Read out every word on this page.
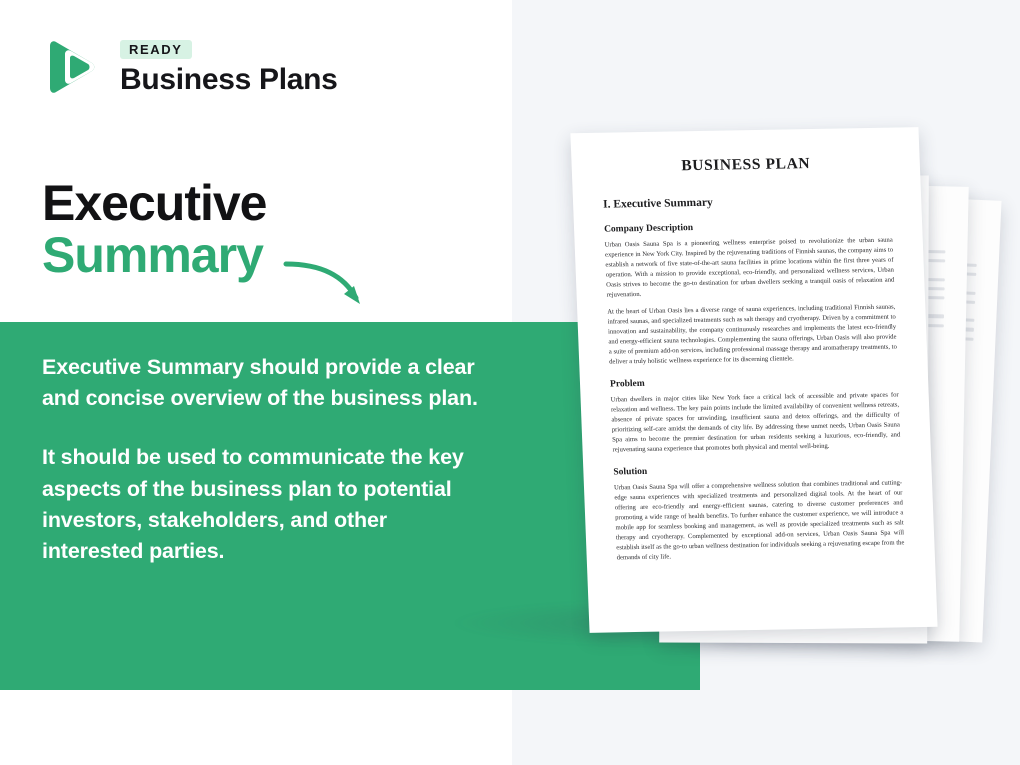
READY
Business Plans
Executive
Summary

Executive Summary should provide a clear and concise overview of the business plan.

It should be used to communicate the key aspects of the business plan to potential investors, stakeholders, and other interested parties.

BUSINESS PLAN
I. Executive Summary
Company Description
Urban Oasis Sauna Spa is a pioneering wellness enterprise poised to revolutionize the urban sauna experience in New York City. Inspired by the rejuvenating traditions of Finnish saunas, the company aims to establish a network of five state-of-the-art sauna facilities in prime locations within the first three years of operation. With a mission to provide exceptional, eco-friendly, and personalized wellness services, Urban Oasis strives to become the go-to destination for urban dwellers seeking a tranquil oasis of relaxation and rejuvenation.
At the heart of Urban Oasis lies a diverse range of sauna experiences, including traditional Finnish saunas, infrared saunas, and specialized treatments such as salt therapy and cryotherapy. Driven by a commitment to innovation and sustainability, the company continuously researches and implements the latest eco-friendly and energy-efficient sauna technologies. Complementing the sauna offerings, Urban Oasis will also provide a suite of premium add-on services, including professional massage therapy and aromatherapy treatments, to deliver a truly holistic wellness experience for its discerning clientele.
Problem
Urban dwellers in major cities like New York face a critical lack of accessible and private spaces for relaxation and wellness. The key pain points include the limited availability of convenient wellness retreats, absence of private spaces for unwinding, insufficient sauna and detox offerings, and the difficulty of prioritizing self-care amidst the demands of city life. By addressing these unmet needs, Urban Oasis Sauna Spa aims to become the premier destination for urban residents seeking a luxurious, eco-friendly, and rejuvenating sauna experience that promotes both physical and mental well-being.
Solution
Urban Oasis Sauna Spa will offer a comprehensive wellness solution that combines traditional and cutting-edge sauna experiences with specialized treatments and personalized digital tools. At the heart of our offering are eco-friendly and energy-efficient saunas, catering to diverse customer preferences and promoting a wide range of health benefits. To further enhance the customer experience, we will introduce a mobile app for seamless booking and management, as well as provide specialized treatments such as salt therapy and cryotherapy. Complemented by exceptional add-on services, Urban Oasis Sauna Spa will establish itself as the go-to urban wellness destination for individuals seeking a rejuvenating escape from the demands of city life.
